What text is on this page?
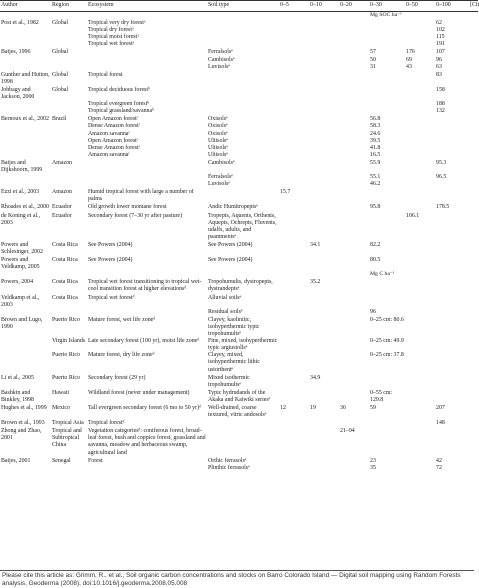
Author	Region	Ecosystem	Soil type	0–5	0–10	0–20	0–30	0–50	0–100	[Cit
							Mg SOC ha⁻¹			
Post et al., 1982	Global	Tropical very dry forestᵃ							62	
		Tropical dry forestᵃ							102	
		Tropical moist forestᵃ							115	
		Tropical wet forestᵃ							191	
Batjes, 1996	Global		Ferralsolsᵉ				57	176	107	
			Cambisolsᵉ				50	69	96	
			Luvisolsᵉ				31	43	63	
Gunther and Hutton, 1998	Global	Tropical forest							83	
Jobbagy and Jackson, 2000	Global	Tropical deciduous forestᵇ							158	
		Tropical evergreen forestᵇ							188	
		Tropical grassland/savannaᵇ							132	
Bernoux et al., 2002	Brazil	Open Amazon forestᶜ	Oxisolsᵉ				56.8			
		Dense Amazon forestᶜ	Oxisolsᵉ				58.3			
		Amazon savannaᶜ	Oxisolsᵉ				24.6			
		Open Amazon forestᶜ	Ultisolsᵉ				39.5			
		Dense Amazon forestᶜ	Ultisolsᵉ				41.8			
		Amazon savannaᶜ	Ultisolsᵉ				16.5			
Batjes and Dijkshoorn, 1999	Amazon		Cambisolsᵉ				55.9		95.3	
			Ferralsolsᵉ				55.1		96.5	
			Luvisolsᵉ				46.2			
Ezzi et al., 2003	Amazon	Humid tropical forest with large a number of palms		15.7						
Rhoades et al., 2000	Ecuador	Old growth lower montane forest	Andic Humitropeptsᵉ				95.8		178.5	
de Koning et al., 2003	Ecuador	Secondary forest (7–30 yr after pasture)	Tropepts, Aquents, Orthents, Aquepts, Ochrepts, Fluvents, udalfs, udults, and psammentsᵉ					106.1		
Powers and Schlesinger, 2002	Costa Rica	See Powers (2004)	See Powers (2004)		34.1		82.2			
Powers and Veldkamp, 2005	Costa Rica	See Powers (2004)	See Powers (2004)				80.5			
							Mg C ha⁻¹			
Powers, 2004	Costa Rica	Tropical wet forest transitioning to tropical wet-cool transition forest at higher elevationsᵈ	Tropohumults, dystropepts, dystrandeptsᵉ		35.2					
Veldkamp et al., 2003	Costa Rica	Tropical wet forestᵈ	Alluvial soilsᵉ							
			Residual soilsᵉ				96			
Brown and Lugo, 1990	Puerto Rico	Mature forest, wet life zoneᵈ	Clayey, kaolinitic, isohyperthermic typic tropohumultsᵉ				0–25 cm: 80.6			
	Virgin Islands	Late secondary forest (100 yr), moist life zoneᵈ	Fine, mixed, isohyperthermic typic argiustollsᵉ				0–25 cm: 49.9			
	Puerto Rico	Mature forest, dry life zoneᵈ	Clayey, mixed, isohyperthermic lithic ustorthentᵉ				0–25 cm: 37.8			
Li et al., 2005	Puerto Rico	Secondary forest (29 yr)	Mixed isothermic tropohumultsᵉ		34.9					
Bashkin and Binkley, 1998	Hawaii	Wildland forest (never under management)	Typic hydrudands of the Akaka and Kaiwiki seriesᵉ				0–55 cm: 129.8			
Hughes et al., 1999	Mexico	Tall evergreen secondary forest (6 mo to 50 yr)ᵈ	Well-drained, coarse textured, vitric andosolsᵉ	12	19	36	59		207	
Brown et al., 1993	Tropical Asia	Tropical forestᵈ							148	
Zhong and Zhao, 2001	Tropical and Subtropical China	Vegetation categoriesᵈ: coniferous forest, broad-leaf forest, bush and coppice forest, grassland and savanna, meadow and herbaceous swamp, agricultural land				21–94				
Batjes, 2001	Senegal	Forest	Orthic ferrasolsᵉ				23		42	
			Plinthic ferrasolsᵉ				35		72	
Please cite this article as: Grimm, R., et al., Soil organic carbon concentrations and stocks on Barro Colorado Island — Digital soil mapping using Random Forests analysis, Geoderma (2008), doi:10.1016/j.geoderma.2008.05.008
